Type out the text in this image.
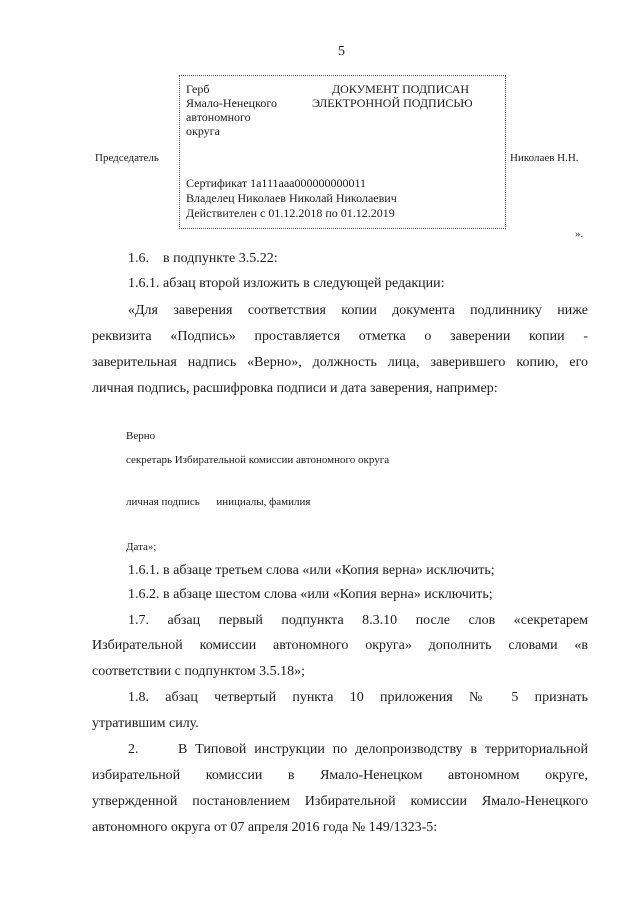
5
Герб
Ямало-Ненецкого
автономного
округа
ДОКУМЕНТ ПОДПИСАН
ЭЛЕКТРОННОЙ ПОДПИСЬЮ
Сертификат 1a111aaa000000000011
Владелец Николаев Николай Николаевич
Действителен с 01.12.2018 по 01.12.2019
Председатель	Николаев Н.Н.
».
1.6.    в подпункте 3.5.22:
1.6.1. абзац второй изложить в следующей редакции:
«Для заверения соответствия копии документа подлиннику ниже
реквизита «Подпись» проставляется отметка о заверении копии -
заверительная надпись «Верно», должность лица, заверившего копию, его
личная подпись, расшифровка подписи и дата заверения, например:
Верно
секретарь Избирательной комиссии автономного округа
личная подпись      инициалы, фамилия
Дата»;
1.6.1. в абзаце третьем слова «или «Копия верна» исключить;
1.6.2. в абзаце шестом слова «или «Копия верна» исключить;
1.7. абзац первый подпункта 8.3.10 после слов «секретарем
Избирательной комиссии автономного округа» дополнить словами «в
соответствии с подпунктом 3.5.18»;
1.8. абзац четвертый пункта 10 приложения № 5 признать
утратившим силу.
2.     В Типовой инструкции по делопроизводству в территориальной
избирательной комиссии в Ямало-Ненецком автономном округе,
утвержденной постановлением Избирательной комиссии Ямало-Ненецкого
автономного округа от 07 апреля 2016 года № 149/1323-5:
